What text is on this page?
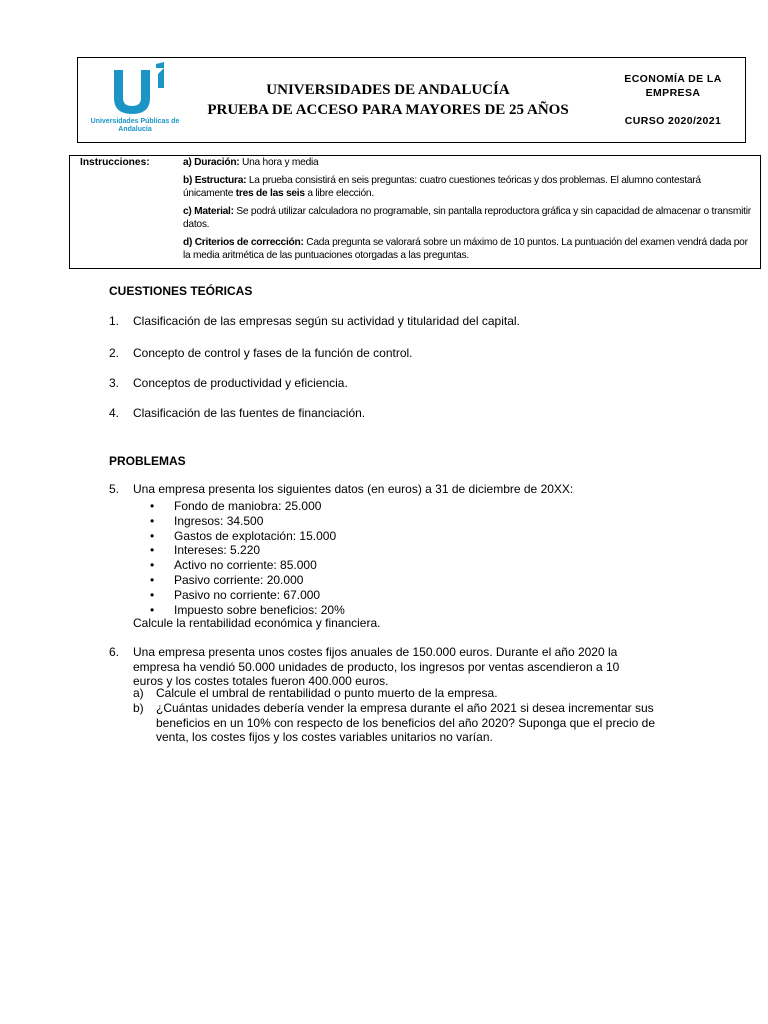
Universidades Públicas de Andalucía
UNIVERSIDADES DE ANDALUCÍA
PRUEBA DE ACCESO PARA MAYORES DE 25 AÑOS
ECONOMÍA DE LA
EMPRESA
CURSO 2020/2021
Instrucciones:	a) Duración: Una hora y media
b) Estructura: La prueba consistirá en seis preguntas: cuatro cuestiones teóricas y dos problemas. El alumno contestará únicamente tres de las seis a libre elección.
c) Material: Se podrá utilizar calculadora no programable, sin pantalla reproductora gráfica y sin capacidad de almacenar o transmitir datos.
d) Criterios de corrección: Cada pregunta se valorará sobre un máximo de 10 puntos. La puntuación del examen vendrá dada por la media aritmética de las puntuaciones otorgadas a las preguntas.
CUESTIONES TEÓRICAS
1. Clasificación de las empresas según su actividad y titularidad del capital.
2. Concepto de control y fases de la función de control.
3. Conceptos de productividad y eficiencia.
4. Clasificación de las fuentes de financiación.
PROBLEMAS
5. Una empresa presenta los siguientes datos (en euros) a 31 de diciembre de 20XX:
• Fondo de maniobra: 25.000
• Ingresos: 34.500
• Gastos de explotación: 15.000
• Intereses: 5.220
• Activo no corriente: 85.000
• Pasivo corriente: 20.000
• Pasivo no corriente: 67.000
• Impuesto sobre beneficios: 20%
Calcule la rentabilidad económica y financiera.
6. Una empresa presenta unos costes fijos anuales de 150.000 euros. Durante el año 2020 la empresa ha vendió 50.000 unidades de producto, los ingresos por ventas ascendieron a 10 euros y los costes totales fueron 400.000 euros.
a) Calcule el umbral de rentabilidad o punto muerto de la empresa.
b) ¿Cuántas unidades debería vender la empresa durante el año 2021 si desea incrementar sus beneficios en un 10% con respecto de los beneficios del año 2020? Suponga que el precio de venta, los costes fijos y los costes variables unitarios no varían.
